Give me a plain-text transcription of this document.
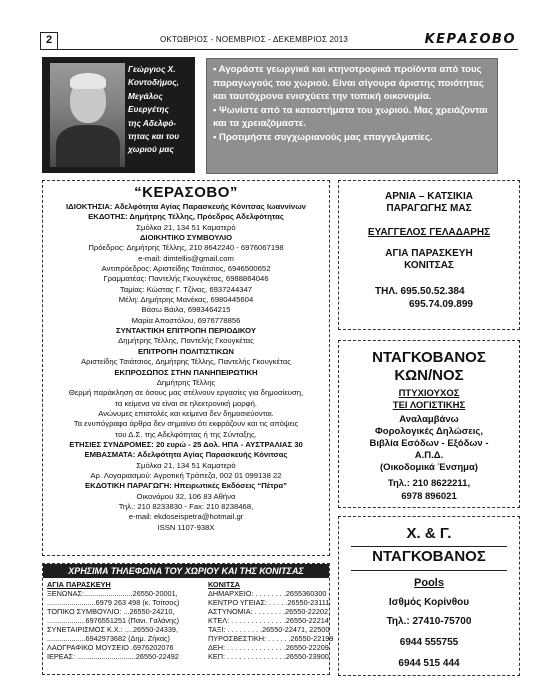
2	ΟΚΤΩΒΡΙΟΣ - ΝΟΕΜΒΡΙΟΣ - ΔΕΚΕΜΒΡΙΟΣ 2013	ΚΕΡΑΣΟΒΟ
Γεώργιος Χ.
Κοντοδήμος,
Μεγάλος
Ευεργέτης
της Αδελφό-
τητας και του
χωριού μας

• Αγοράστε γεωργικά και κτηνοτροφικά προϊόντα από τους παραγωγούς του χωριού. Είναι σίγουρα άριστης ποιότητας και ταυτόχρονα ενισχύετε την τοπική οικονομία.

• Ψωνίστε από τα καταστήματα του χωριού. Μας χρειάζονται και τα χρειαζόμαστε.

• Προτιμήστε συγχωριανούς μας επαγγελματίες.

“ΚΕΡΑΣΟΒΟ”
ΙΔΙΟΚΤΗΣΙΑ: Αδελφότητα Αγίας Παρασκευής Κόνιτσας Ιωαννίνων
ΕΚΔΟΤΗΣ: Δημήτρης Τέλλης, Πρόεδρος Αδελφότητας
Σμόλκα 21, 134 51 Καματερό
ΔΙΟΙΚΗΤΙΚΟ ΣΥΜΒΟΥΛΙΟ
Πρόεδρος: Δημήτρης Τέλλης, 210 8642240 - 6976067198
e-mail: dimtellis@gmail.com
Αντιπρόεδρος: Αριστείδης Τσιάτσιος, 6946500652
Γραμματέας: Παντελής Γκουγκέτας, 6988864046
Ταμίας: Κώστας Γ. Τζίνας, 6937244347
Μέλη: Δημήτρης Μανέκας, 6980445604
Βάσω Βάιλα, 6983464215
Μαρία Αποστόλου, 6976778856
ΣΥΝΤΑΚΤΙΚΗ ΕΠΙΤΡΟΠΗ ΠΕΡΙΟΔΙΚΟΥ
Δημήτρης Τέλλης, Παντελής Γκουγκέτας
ΕΠΙΤΡΟΠΗ ΠΟΛΙΤΙΣΤΙΚΩΝ
Αριστείδης Τσιάτσιος, Δημήτρης Τέλλης, Παντελής Γκουγκέτας
ΕΚΠΡΟΣΩΠΟΣ ΣΤΗΝ ΠΑΝΗΠΕΙΡΩΤΙΚΗ
Δημήτρης Τέλλης
Θερμή παράκληση σε όσους μας στέλνουν εργασίες για δημοσίευση,
τα κείμενα να είναι σε ηλεκτρονική μορφή.
Ανώνυμες επιστολές και κείμενα δεν δημοσιεύονται.
Τα ενυπόγραφα άρθρα δεν σημαίνει ότι εκφράζουν και τις απόψεις
του Δ.Σ. της Αδελφότητας ή της Σύνταξης.
ΕΤΗΣΙΕΣ ΣΥΝΔΡΟΜΕΣ: 20 ευρώ - 25 Δολ. ΗΠΑ - ΑΥΣΤΡΑΛΙΑΣ 30
ΕΜΒΑΣΜΑΤΑ: Αδελφότητα Αγίας Παρασκευής Κόνιτσας
Σμόλκα 21, 134 51 Καματερό
Αρ. Λογαριασμού: Αγροτική Τράπεζα, 002 01 099138 22
ΕΚΔΟΤΙΚΗ ΠΑΡΑΓΩΓΗ: Ηπειρωτικές Εκδόσεις “Πέτρα”
Οικονόμου 32, 106 83 Αθήνα
Τηλ.: 210 8233830 - Fax: 210 8238468,
e-mail: ekdoseispetra@hotmail.gr
ISSN 1107-938X
ΑΡΝΙΑ – ΚΑΤΣΙΚΙΑ
ΠΑΡΑΓΩΓΗΣ ΜΑΣ
ΕΥΑΓΓΕΛΟΣ ΓΕΛΑΔΑΡΗΣ
ΑΓΙΑ ΠΑΡΑΣΚΕΥΗ
ΚΟΝΙΤΣΑΣ
ΤΗΛ. 695.50.52.384
695.74.09.899
ΝΤΑΓΚΟΒΑΝΟΣ
ΚΩΝ/ΝΟΣ
ΠΤΥΧΙΟΥΧΟΣ
ΤΕΙ ΛΟΓΙΣΤΙΚΗΣ
Αναλαμβάνω
Φορολογικές Δηλώσεις,
Βιβλία Εσόδων - Εξόδων -
Α.Π.Δ.
(Οικοδομικά Ένσημα)
Τηλ.: 210 8622211,
6978 896021
Χ. & Γ.
ΝΤΑΓΚΟΒΑΝΟΣ
Pools
Ισθμός Κορίνθου
Τηλ.: 27410-75700
6944 555755
6944 515 444
ΧΡΗΣΙΜΑ ΤΗΛΕΦΩΝΑ ΤΟΥ ΧΩΡΙΟΥ ΚΑΙ ΤΗΣ ΚΟΝΙΤΣΑΣ
ΑΓΙΑ ΠΑΡΑΣΚΕΥΗ
ΞΕΝΩΝΑΣ:........................26550-20001,
........................6979 263 498 (κ. Τσίτσος)
ΤΟΠΙΚΟ ΣΥΜΒΟΥΛΙΟ: ...26550-24210,
...................6976551251 (Πανι. Γαλάνης)
ΣΥΝΕΤΑΙΡΙΣΜΟΣ Κ.Χ.: ....26550-24339,
...................6942973682 (Δημ. Ζήκας)
ΛΑΟΓΡΑΦΙΚΟ ΜΟΥΣΕΙΟ .6976202076
ΙΕΡΕΑΣ: .............................26550-22492
ΚΟΝΙΤΣΑ
ΔΗΜΑΡΧΕΙΟ: . . . . . . . .2655360300
ΚΕΝΤΡΟ ΥΓΕΙΑΣ: . . . . .26550-23111
ΑΣΤΥΝΟΜΙΑ: . . . . . . . .26550-22202
ΚΤΕΛ: . . . . . . . . . . . . . .26550-22214
ΤΑΞΙ: . . . . . . . . .26550-22471, 22500
ΠΥΡΟΣΒΕΣΤΙΚΗ: . . . . . .26550-22199
ΔΕΗ: . . . . . . . . . . . . . . .26550-22209
ΚΕΠ: . . . . . . . . . . . . . . .26550-23900
